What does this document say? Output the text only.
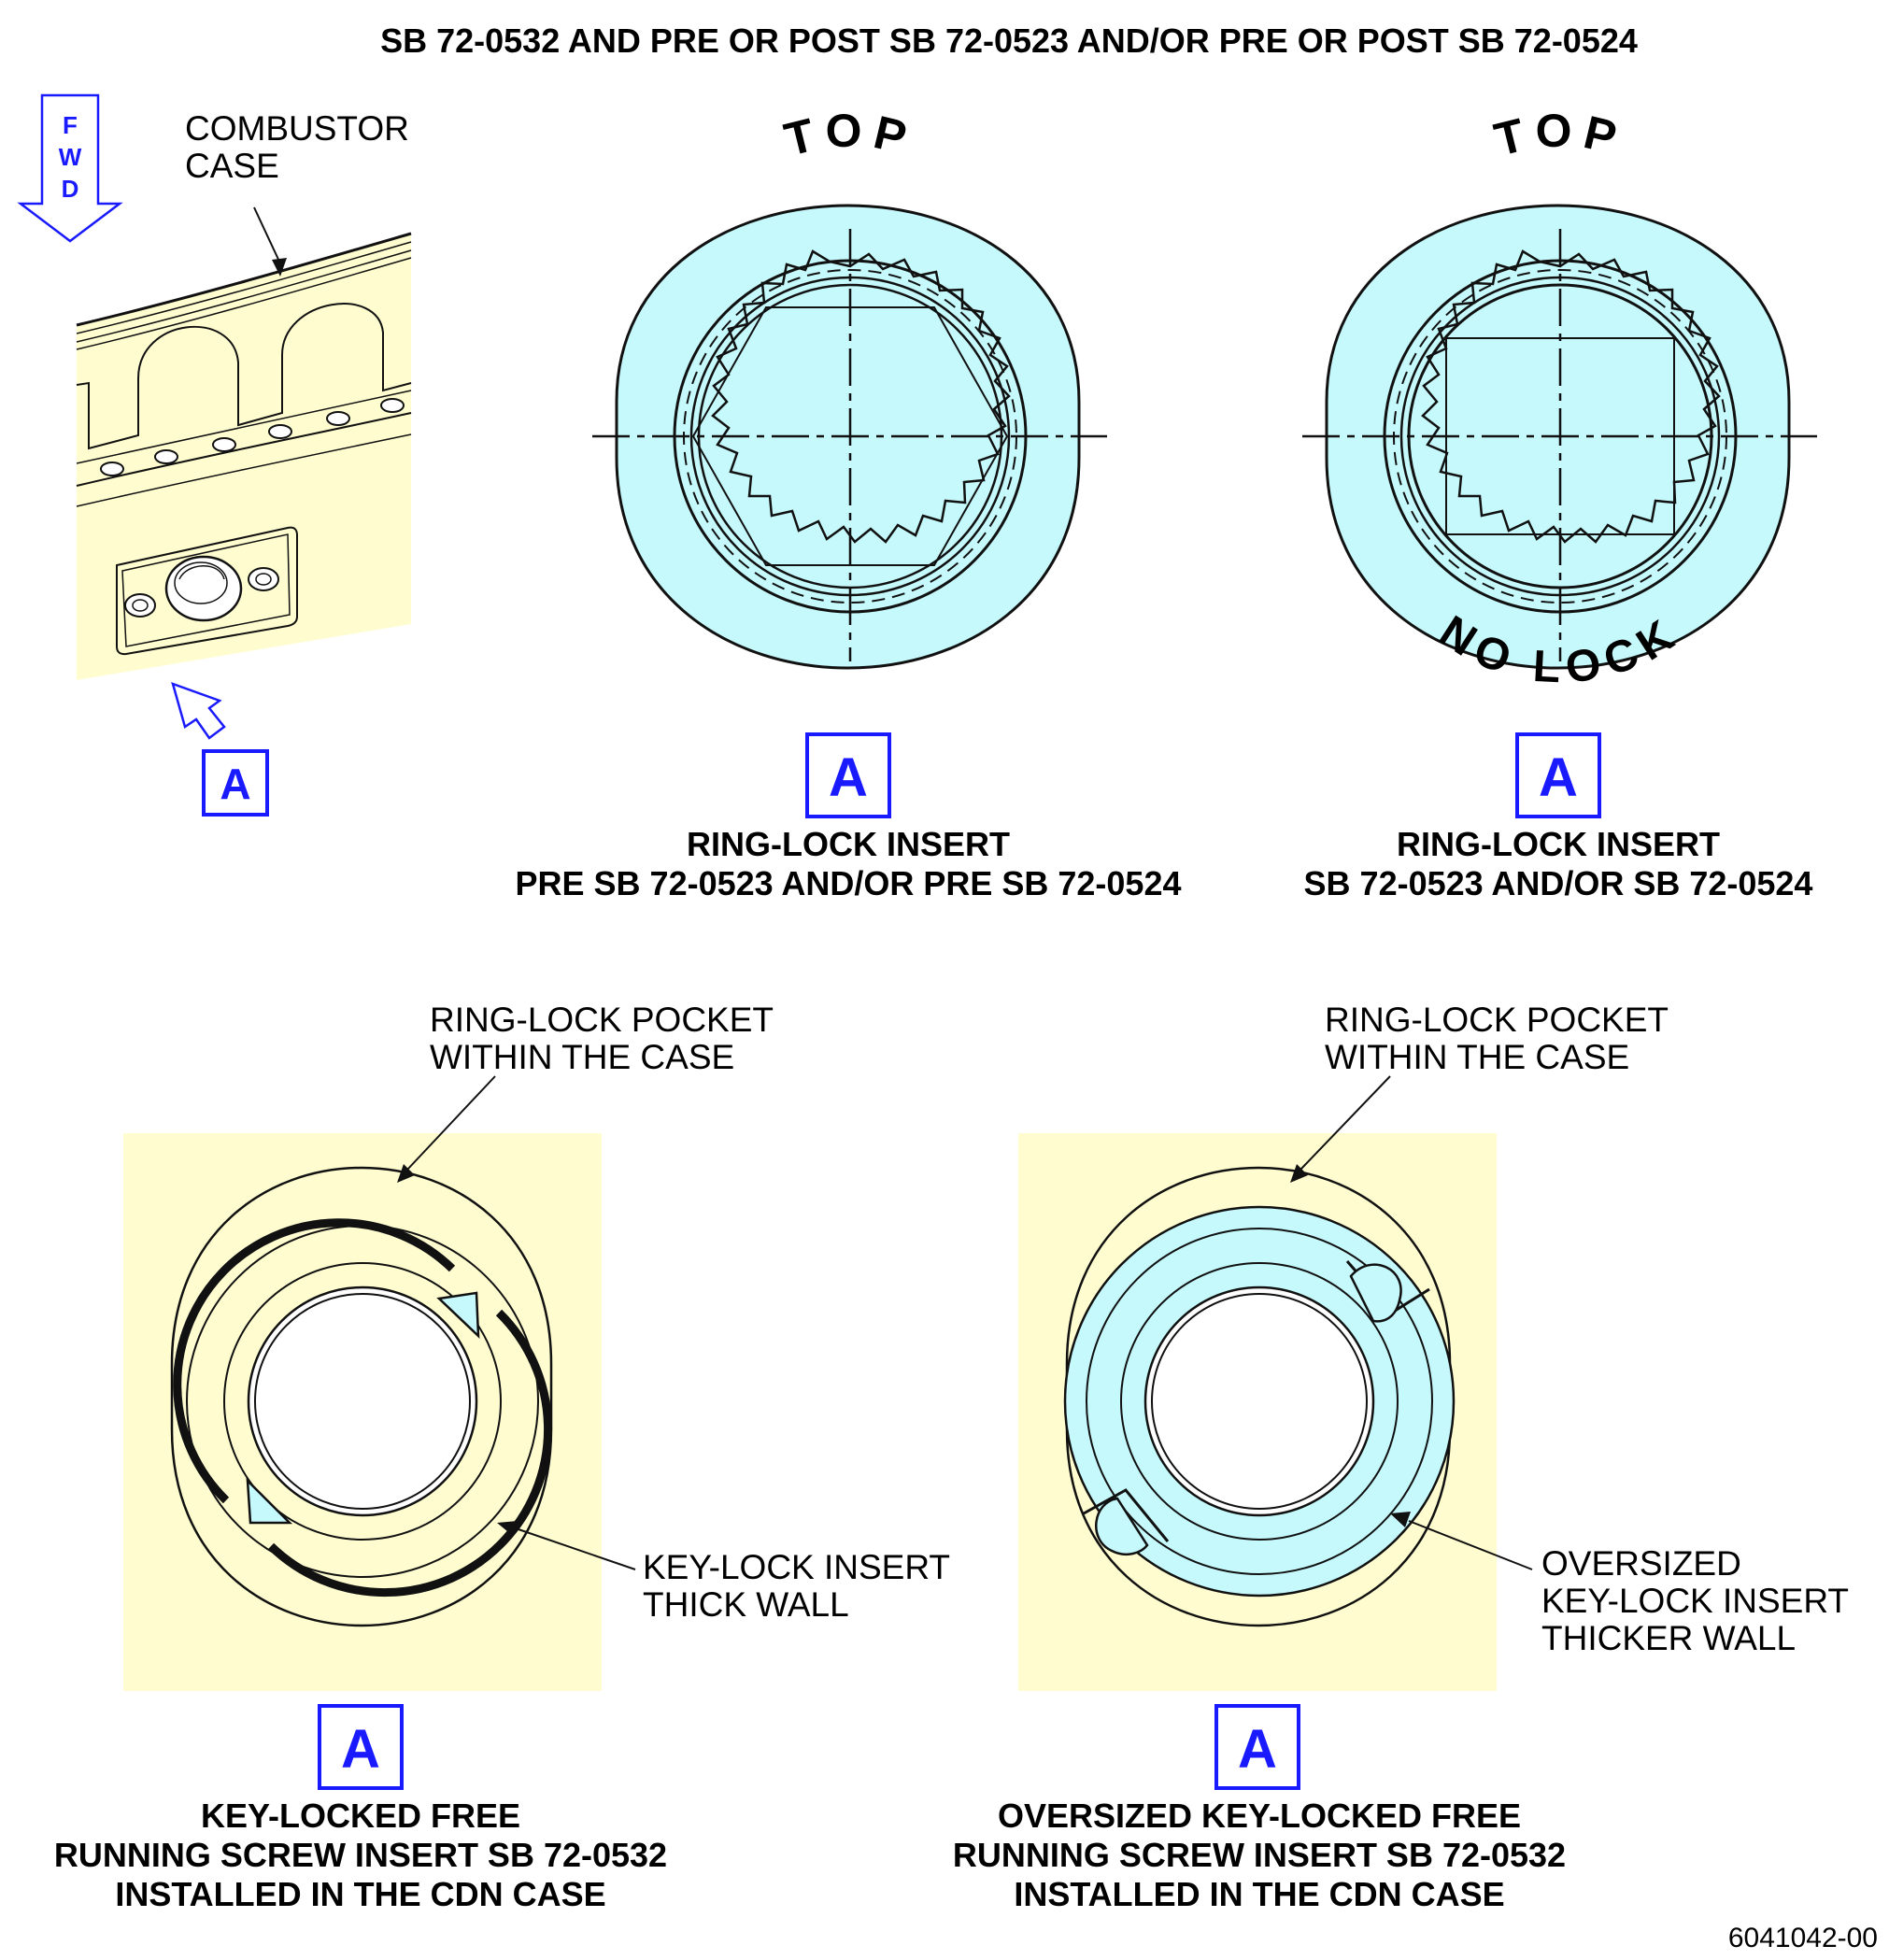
SB 72-0532 AND PRE OR POST SB 72-0523 AND/OR PRE OR POST SB 72-0524
F
W
D
COMBUSTOR
CASE
A
TOP
A
RING-LOCK INSERT
PRE SB 72-0523 AND/OR PRE SB 72-0524
TOP
NO LOCK
A
RING-LOCK INSERT
SB 72-0523 AND/OR SB 72-0524
RING-LOCK POCKET
WITHIN THE CASE
KEY-LOCK INSERT
THICK WALL
A
KEY-LOCKED FREE
RUNNING SCREW INSERT SB 72-0532
INSTALLED IN THE CDN CASE
RING-LOCK POCKET
WITHIN THE CASE
OVERSIZED
KEY-LOCK INSERT
THICKER WALL
A
OVERSIZED KEY-LOCKED FREE
RUNNING SCREW INSERT SB 72-0532
INSTALLED IN THE CDN CASE
6041042-00
